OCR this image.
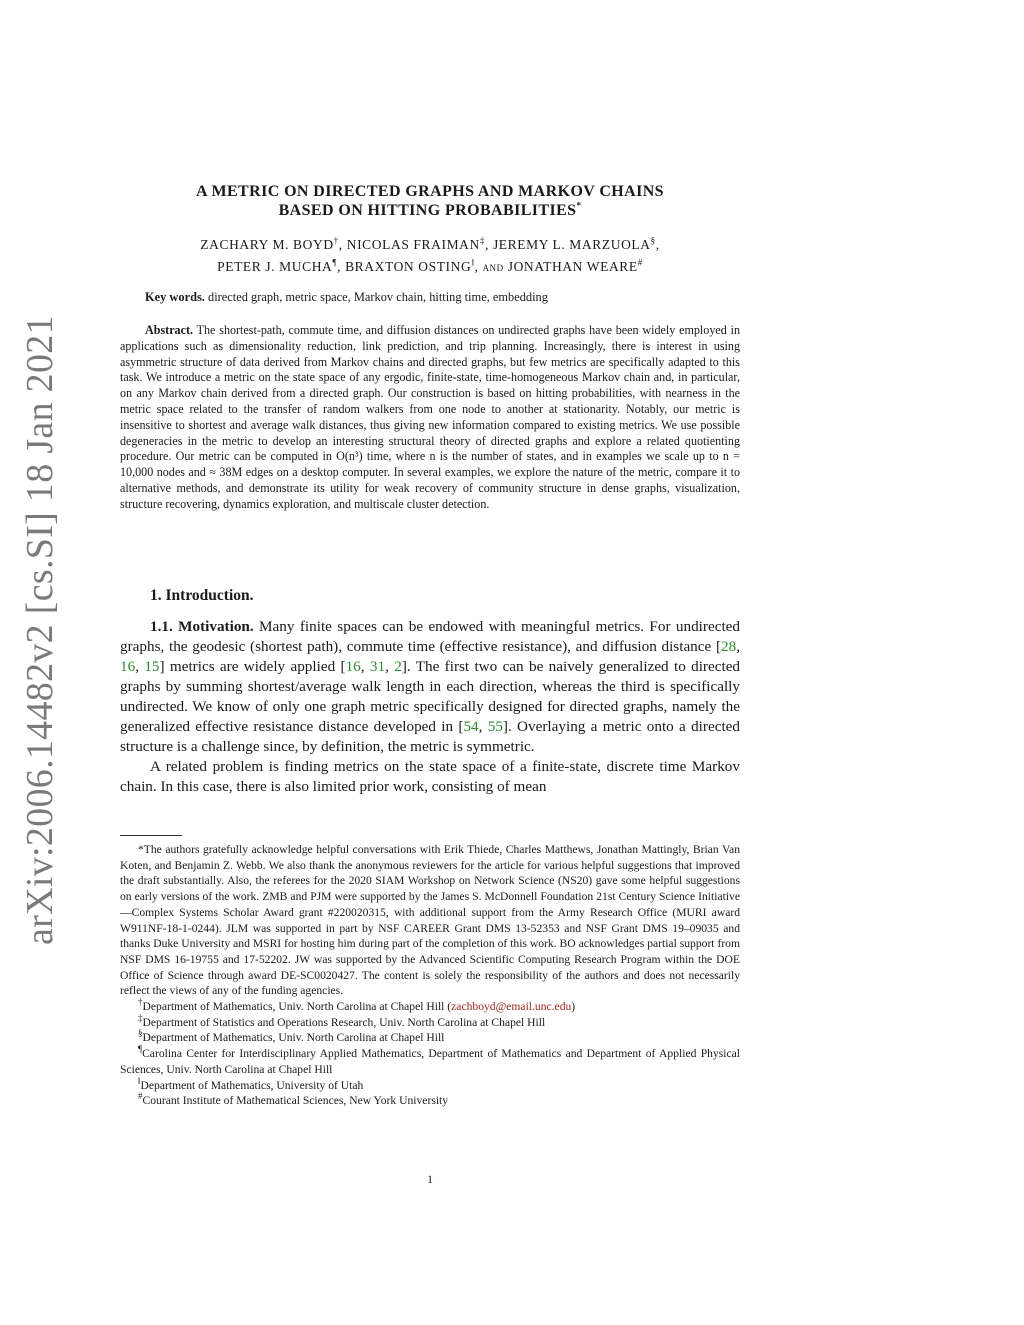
arXiv:2006.14482v2 [cs.SI] 18 Jan 2021
A METRIC ON DIRECTED GRAPHS AND MARKOV CHAINS
BASED ON HITTING PROBABILITIES*
ZACHARY M. BOYD†, NICOLAS FRAIMAN‡, JEREMY L. MARZUOLA§,
PETER J. MUCHA¶, BRAXTON OSTING‖, and JONATHAN WEARE#
Key words. directed graph, metric space, Markov chain, hitting time, embedding
Abstract. The shortest-path, commute time, and diffusion distances on undirected graphs have been widely employed in applications such as dimensionality reduction, link prediction, and trip planning. Increasingly, there is interest in using asymmetric structure of data derived from Markov chains and directed graphs, but few metrics are specifically adapted to this task. We introduce a metric on the state space of any ergodic, finite-state, time-homogeneous Markov chain and, in particular, on any Markov chain derived from a directed graph. Our construction is based on hitting probabilities, with nearness in the metric space related to the transfer of random walkers from one node to another at stationarity. Notably, our metric is insensitive to shortest and average walk distances, thus giving new information compared to existing metrics. We use possible degeneracies in the metric to develop an interesting structural theory of directed graphs and explore a related quotienting procedure. Our metric can be computed in O(n³) time, where n is the number of states, and in examples we scale up to n = 10,000 nodes and ≈ 38M edges on a desktop computer. In several examples, we explore the nature of the metric, compare it to alternative methods, and demonstrate its utility for weak recovery of community structure in dense graphs, visualization, structure recovering, dynamics exploration, and multiscale cluster detection.
1. Introduction.

1.1. Motivation. Many finite spaces can be endowed with meaningful metrics. For undirected graphs, the geodesic (shortest path), commute time (effective resistance), and diffusion distance [28, 16, 15] metrics are widely applied [16, 31, 2]. The first two can be naively generalized to directed graphs by summing shortest/average walk length in each direction, whereas the third is specifically undirected. We know of only one graph metric specifically designed for directed graphs, namely the generalized effective resistance distance developed in [54, 55]. Overlaying a metric onto a directed structure is a challenge since, by definition, the metric is symmetric.

A related problem is finding metrics on the state space of a finite-state, discrete time Markov chain. In this case, there is also limited prior work, consisting of mean

*The authors gratefully acknowledge helpful conversations with Erik Thiede, Charles Matthews, Jonathan Mattingly, Brian Van Koten, and Benjamin Z. Webb. We also thank the anonymous reviewers for the article for various helpful suggestions that improved the draft substantially. Also, the referees for the 2020 SIAM Workshop on Network Science (NS20) gave some helpful suggestions on early versions of the work. ZMB and PJM were supported by the James S. McDonnell Foundation 21st Century Science Initiative—Complex Systems Scholar Award grant #220020315, with additional support from the Army Research Office (MURI award W911NF-18-1-0244). JLM was supported in part by NSF CAREER Grant DMS 13-52353 and NSF Grant DMS 19–09035 and thanks Duke University and MSRI for hosting him during part of the completion of this work. BO acknowledges partial support from NSF DMS 16-19755 and 17-52202. JW was supported by the Advanced Scientific Computing Research Program within the DOE Office of Science through award DE-SC0020427. The content is solely the responsibility of the authors and does not necessarily reflect the views of any of the funding agencies.

†Department of Mathematics, Univ. North Carolina at Chapel Hill (zachboyd@email.unc.edu)

‡Department of Statistics and Operations Research, Univ. North Carolina at Chapel Hill

§Department of Mathematics, Univ. North Carolina at Chapel Hill

¶Carolina Center for Interdisciplinary Applied Mathematics, Department of Mathematics and Department of Applied Physical Sciences, Univ. North Carolina at Chapel Hill

‖Department of Mathematics, University of Utah

#Courant Institute of Mathematical Sciences, New York University

1
